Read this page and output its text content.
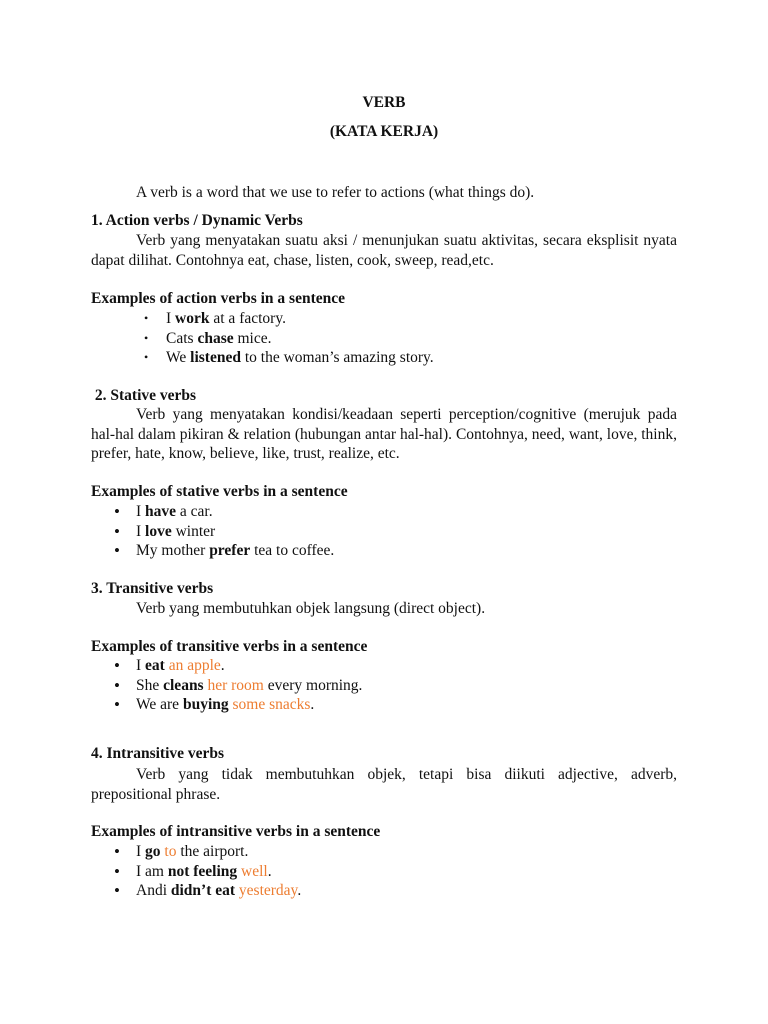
VERB
(KATA KERJA)
A verb is a word that we use to refer to actions (what things do).
1. Action verbs / Dynamic Verbs
Verb yang menyatakan suatu aksi / menunjukan suatu aktivitas, secara eksplisit nyata dapat dilihat. Contohnya eat, chase, listen, cook, sweep, read,etc.
Examples of action verbs in a sentence
• I work at a factory.
• Cats chase mice.
• We listened to the woman’s amazing story.
2. Stative verbs
Verb yang menyatakan kondisi/keadaan seperti perception/cognitive (merujuk pada hal-hal dalam pikiran & relation (hubungan antar hal-hal). Contohnya, need, want, love, think, prefer, hate, know, believe, like, trust, realize, etc.
Examples of stative verbs in a sentence
• I have a car.
• I love winter
• My mother prefer tea to coffee.
3. Transitive verbs
Verb yang membutuhkan objek langsung (direct object).
Examples of transitive verbs in a sentence
• I eat an apple.
• She cleans her room every morning.
• We are buying some snacks.
4. Intransitive verbs
Verb yang tidak membutuhkan objek, tetapi bisa diikuti adjective, adverb, prepositional phrase.
Examples of intransitive verbs in a sentence
• I go to the airport.
• I am not feeling well.
• Andi didn’t eat yesterday.
